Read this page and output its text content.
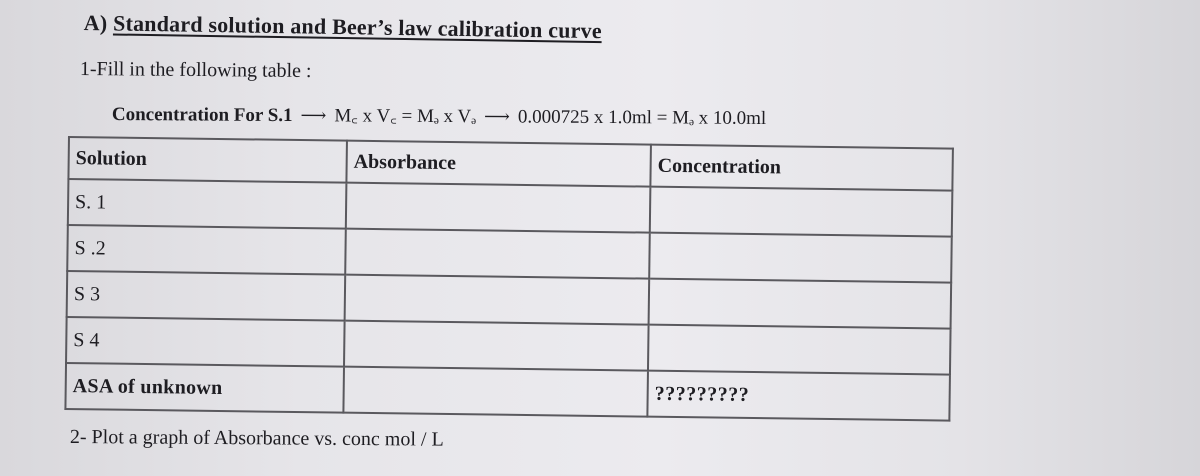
A) Standard solution and Beer’s law calibration curve
1-Fill in the following table :
Concentration For S.1 ⟶ M꜀ x V꜀ = Mₔ x Vₔ ⟶ 0.000725 x 1.0ml = Mₔ x 10.0ml
Solution	Absorbance	Concentration
S. 1		
S .2		
S 3		
S 4		
ASA of unknown		?????????
2- Plot a graph of Absorbance vs. conc mol / L
